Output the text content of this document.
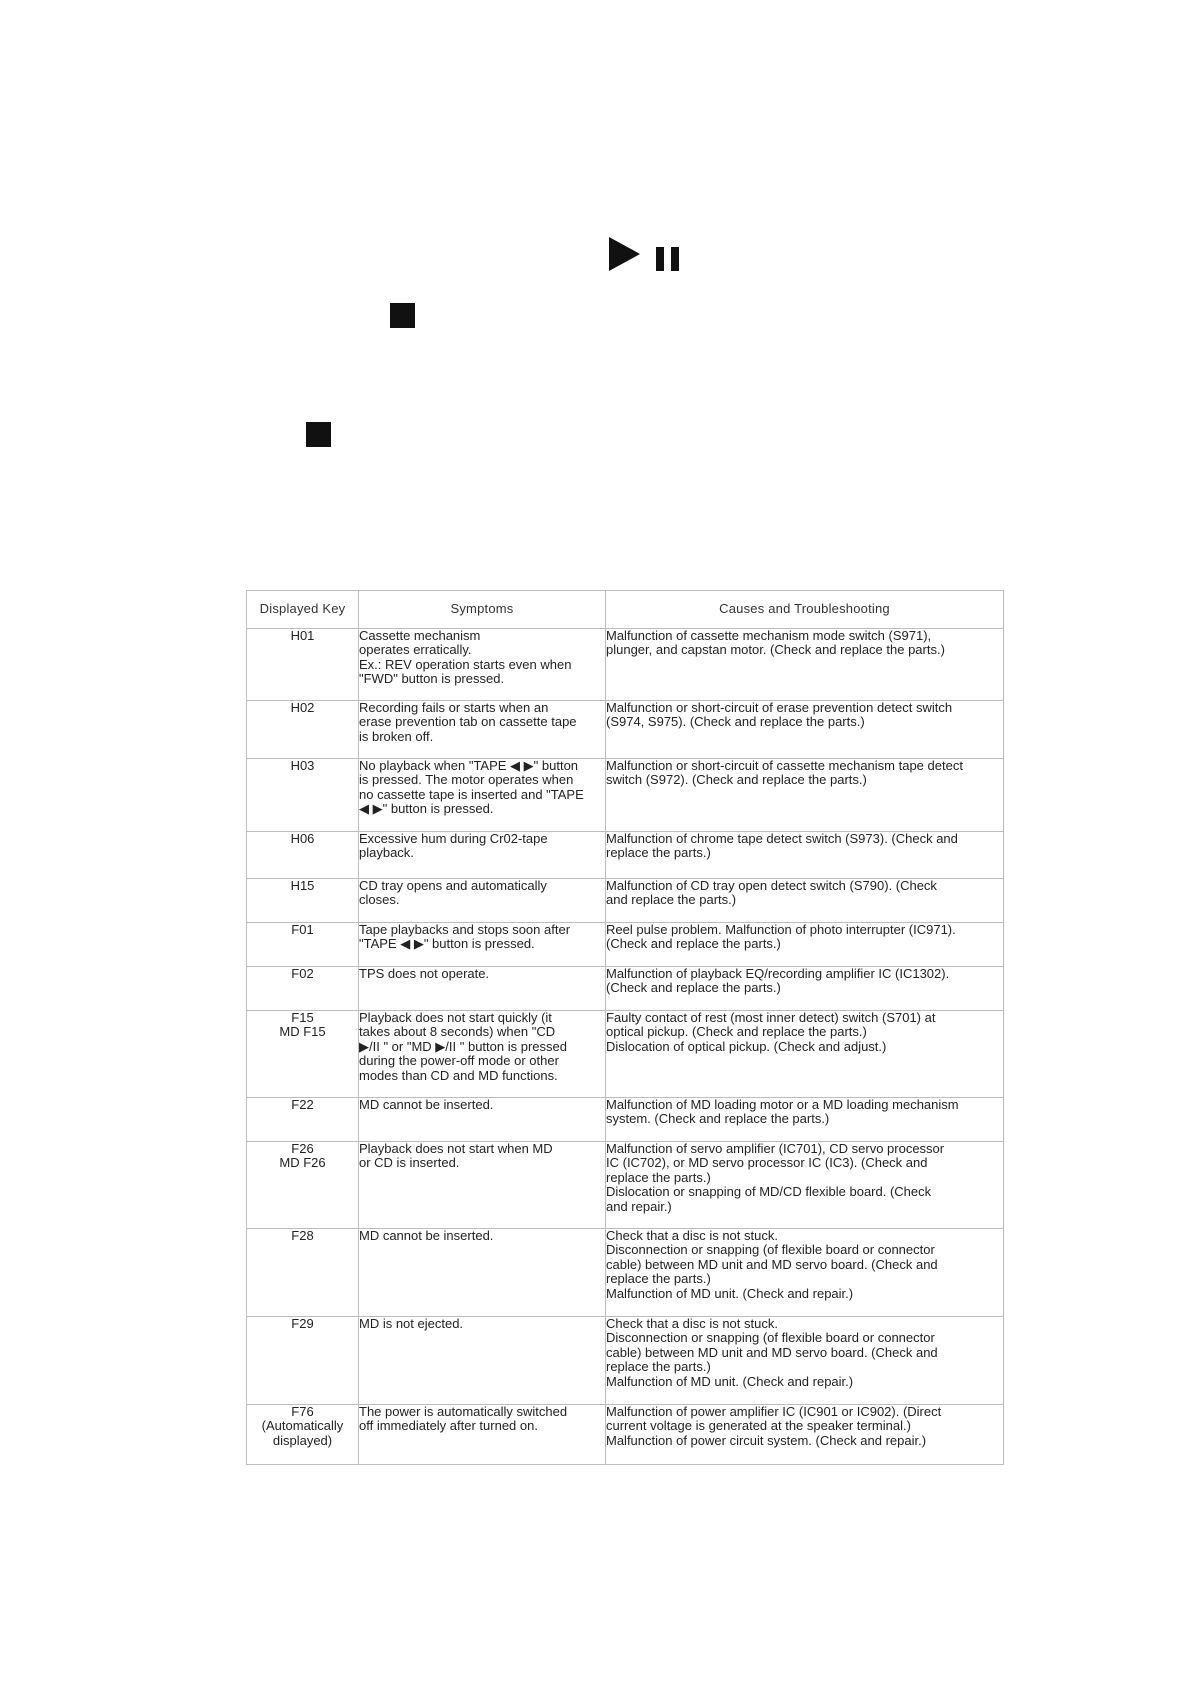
Displayed Key	Symptoms	Causes and Troubleshooting
H01	Cassette mechanism
operates erratically.
Ex.: REV operation starts even when
"FWD" button is pressed.	Malfunction of cassette mechanism mode switch (S971),
plunger, and capstan motor. (Check and replace the parts.)
H02	Recording fails or starts when an
erase prevention tab on cassette tape
is broken off.	Malfunction or short-circuit of erase prevention detect switch
(S974, S975). (Check and replace the parts.)
H03	No playback when "TAPE ◀ ▶" button
is pressed. The motor operates when
no cassette tape is inserted and "TAPE
◀ ▶" button is pressed.	Malfunction or short-circuit of cassette mechanism tape detect
switch (S972). (Check and replace the parts.)
H06	Excessive hum during Cr02-tape
playback.	Malfunction of chrome tape detect switch (S973). (Check and
replace the parts.)
H15	CD tray opens and automatically
closes.	Malfunction of CD tray open detect switch (S790). (Check
and replace the parts.)
F01	Tape playbacks and stops soon after
"TAPE ◀ ▶" button is pressed.	Reel pulse problem. Malfunction of photo interrupter (IC971).
(Check and replace the parts.)
F02	TPS does not operate.	Malfunction of playback EQ/recording amplifier IC (IC1302).
(Check and replace the parts.)
F15
MD F15	Playback does not start quickly (it
takes about 8 seconds) when "CD
▶/II " or "MD ▶/II " button is pressed
during the power-off mode or other
modes than CD and MD functions.	Faulty contact of rest (most inner detect) switch (S701) at
optical pickup. (Check and replace the parts.)
Dislocation of optical pickup. (Check and adjust.)
F22	MD cannot be inserted.	Malfunction of MD loading motor or a MD loading mechanism
system. (Check and replace the parts.)
F26
MD F26	Playback does not start when MD
or CD is inserted.	Malfunction of servo amplifier (IC701), CD servo processor
IC (IC702), or MD servo processor IC (IC3). (Check and
replace the parts.)
Dislocation or snapping of MD/CD flexible board. (Check
and repair.)
F28	MD cannot be inserted.	Check that a disc is not stuck.
Disconnection or snapping (of flexible board or connector
cable) between MD unit and MD servo board. (Check and
replace the parts.)
Malfunction of MD unit. (Check and repair.)
F29	MD is not ejected.	Check that a disc is not stuck.
Disconnection or snapping (of flexible board or connector
cable) between MD unit and MD servo board. (Check and
replace the parts.)
Malfunction of MD unit. (Check and repair.)
F76
(Automatically
displayed)	The power is automatically switched
off immediately after turned on.	Malfunction of power amplifier IC (IC901 or IC902). (Direct
current voltage is generated at the speaker terminal.)
Malfunction of power circuit system. (Check and repair.)
